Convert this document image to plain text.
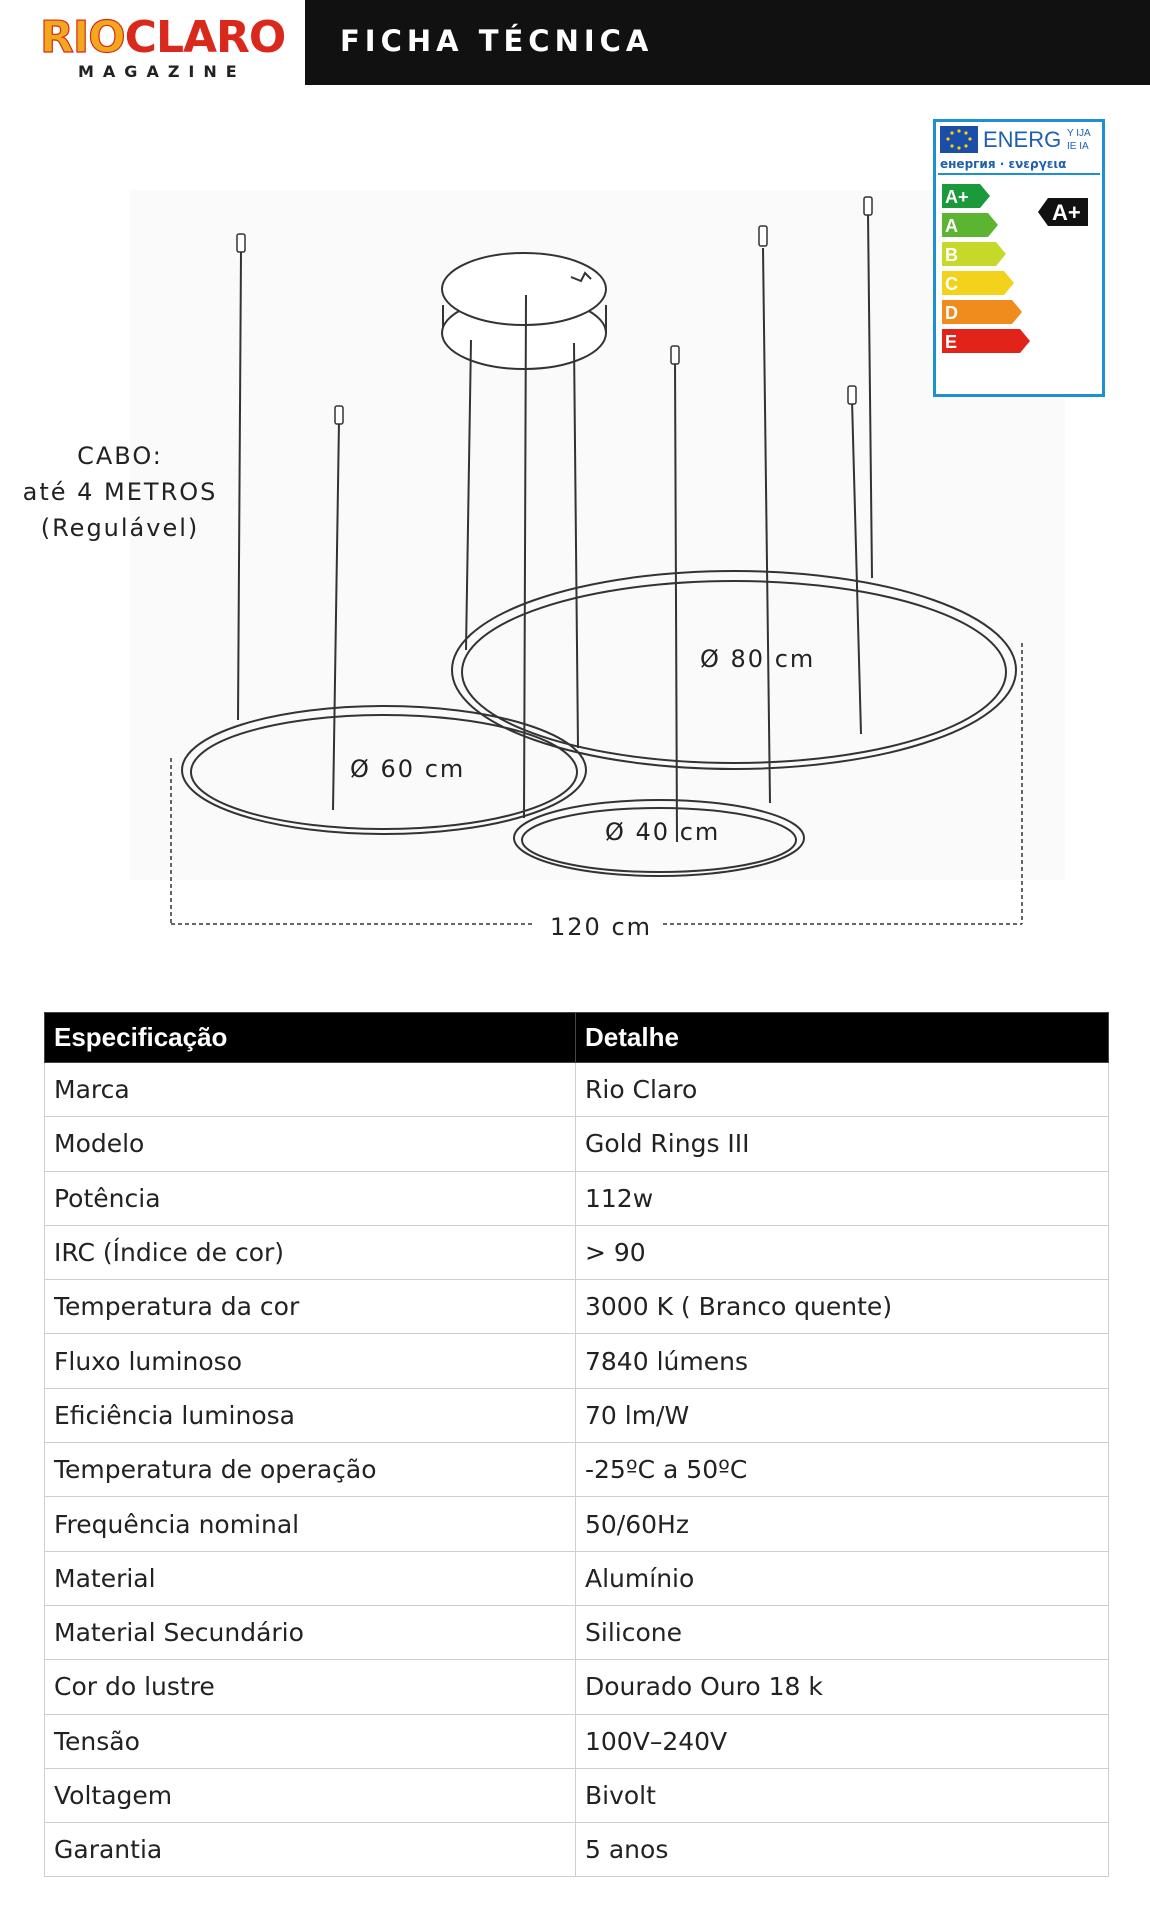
RIOCLARO
MAGAZINE
FICHA TÉCNICA
Ø 80 cm
Ø 60 cm
Ø 40 cm
120 cm
CABO:
até 4 METROS
(Regulável)
ENERG Y IJA
IE IA
енергия · ενεργεια
A+
A
B
C
D
E
A+
Especificação	Detalhe
Marca	Rio Claro
Modelo	Gold Rings III
Potência	112w
IRC (Índice de cor)	> 90
Temperatura da cor	3000 K ( Branco quente)
Fluxo luminoso	7840 lúmens
Eficiência luminosa	70 lm/W
Temperatura de operação	-25ºC a 50ºC
Frequência nominal	50/60Hz
Material	Alumínio
Material Secundário	Silicone
Cor do lustre	Dourado Ouro 18 k
Tensão	100V–240V
Voltagem	Bivolt
Garantia	5 anos
